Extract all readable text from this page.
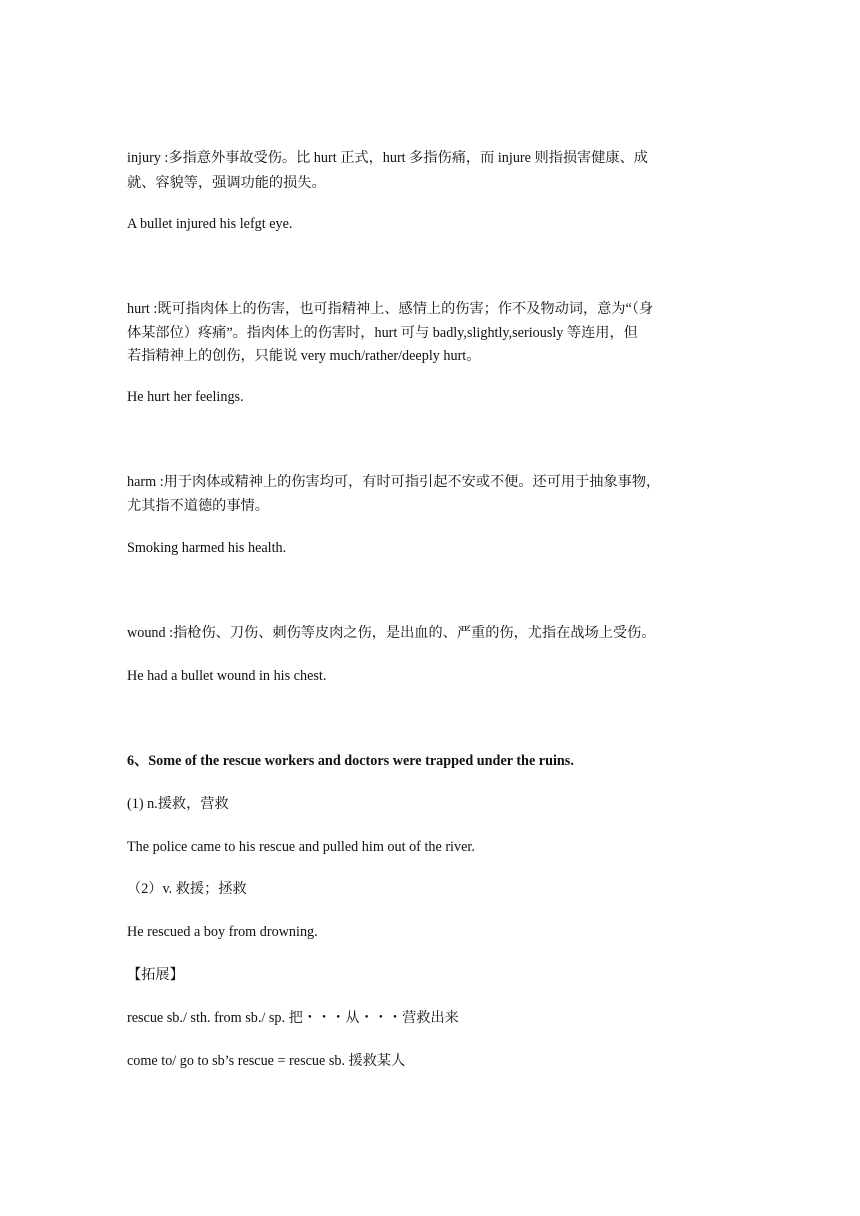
injury :多指意外事故受伤。比 hurt 正式，hurt 多指伤痛，而 injure 则指损害健康、成
就、容貌等，强调功能的损失。
A bullet injured his lefgt eye.
hurt :既可指肉体上的伤害，也可指精神上、感情上的伤害；作不及物动词，意为“（身
体某部位）疼痛”。指肉体上的伤害时，hurt 可与 badly,slightly,seriously 等连用，但
若指精神上的创伤，只能说 very much/rather/deeply hurt。
He hurt her feelings.
harm :用于肉体或精神上的伤害均可，有时可指引起不安或不便。还可用于抽象事物，
尤其指不道德的事情。
Smoking harmed his health.
wound :指枪伤、刀伤、刺伤等皮肉之伤，是出血的、严重的伤，尤指在战场上受伤。
He had a bullet wound in his chest.
6、Some of the rescue workers and doctors were trapped under the ruins.
(1) n.援救，营救
The police came to his rescue and pulled him out of the river.
（2）v. 救援；拯救
He rescued a boy from drowning.
【拓展】
rescue sb./ sth. from sb./ sp. 把・・・从・・・营救出来
come to/ go to sb’s rescue = rescue sb. 援救某人
